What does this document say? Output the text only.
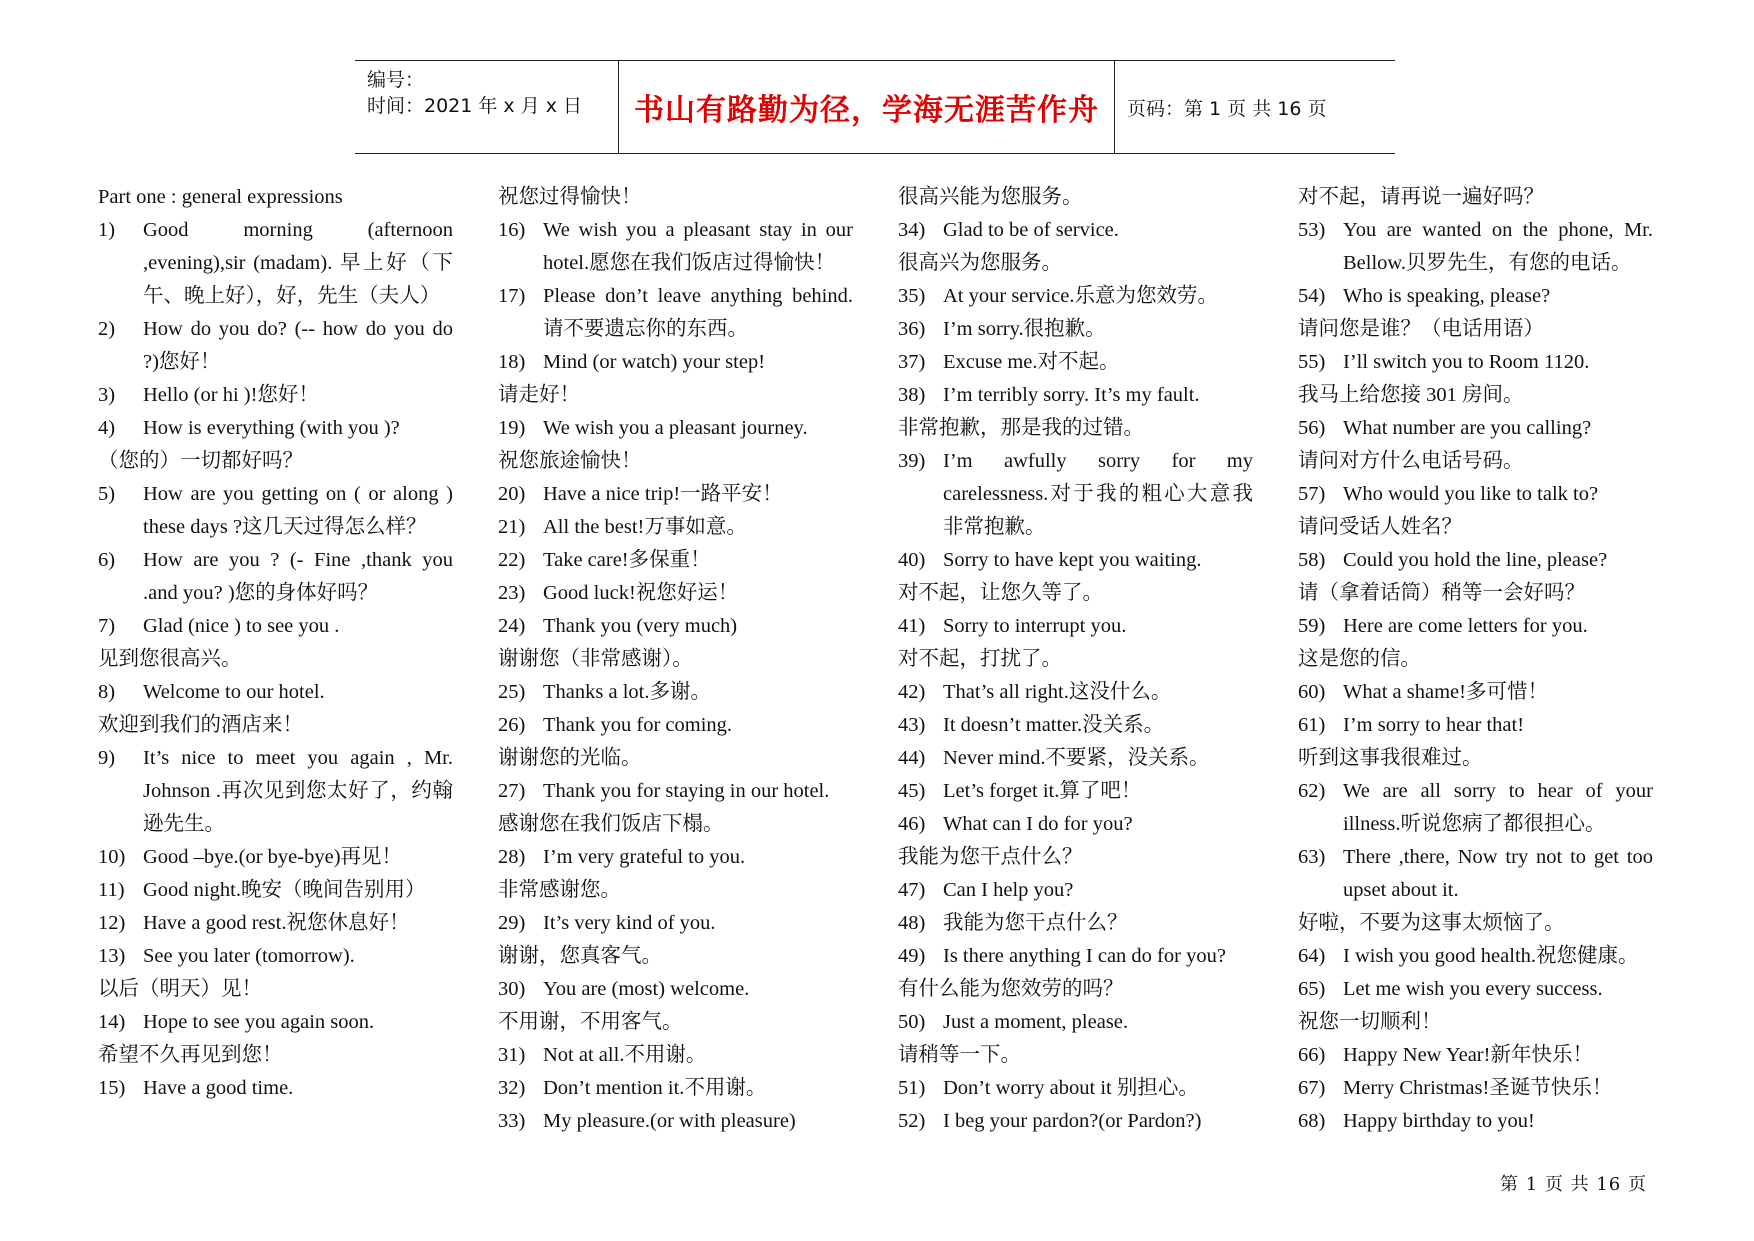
编号：
时间：2021 年 x 月 x 日 书山有路勤为径，学海无涯苦作舟 页码：第 1 页 共 16 页
Part one : general expressions
1)	Good morning (afternoon ,evening),sir (madam). 早上好（下午、晚上好），好，先生（夫人）
2)	How do you do? (-- how do you do ?)您好！
3)	Hello (or hi )!您好！
4)	How is everything (with you )?
（您的）一切都好吗？
5)	How are you getting on ( or along ) these days ?这几天过得怎么样？
6)	How are you ? (- Fine ,thank you .and you? )您的身体好吗？
7)	Glad (nice ) to see you .
见到您很高兴。
8)	Welcome to our hotel.
欢迎到我们的酒店来！
9)	It’s nice to meet you again , Mr. Johnson .再次见到您太好了，约翰逊先生。
10) Good –bye.(or bye-bye)再见！
11) Good night.晚安（晚间告别用）
12) Have a good rest.祝您休息好！
13) See you later (tomorrow).
以后（明天）见！
14) Hope to see you again soon.
希望不久再见到您！
15) Have a good time.
祝您过得愉快！
16) We wish you a pleasant stay in our hotel.愿您在我们饭店过得愉快！
17) Please don’t leave anything behind. 请不要遗忘你的东西。
18) Mind (or watch) your step!
请走好！
19) We wish you a pleasant journey.
祝您旅途愉快！
20) Have a nice trip!一路平安！
21) All the best!万事如意。
22) Take care!多保重！
23) Good luck!祝您好运！
24) Thank you (very much)
谢谢您（非常感谢）。
25) Thanks a lot.多谢。
26) Thank you for coming.
谢谢您的光临。
27) Thank you for staying in our hotel.
感谢您在我们饭店下榻。
28) I’m very grateful to you.
非常感谢您。
29) It’s very kind of you.
谢谢，您真客气。
30) You are (most) welcome.
不用谢，不用客气。
31) Not at all.不用谢。
32) Don’t mention it.不用谢。
33) My pleasure.(or with pleasure)
很高兴能为您服务。
34) Glad to be of service.
很高兴为您服务。
35) At your service.乐意为您效劳。
36) I’m sorry.很抱歉。
37) Excuse me.对不起。
38) I’m terribly sorry. It’s my fault.
非常抱歉，那是我的过错。
39) I’m awfully sorry for my carelessness.对于我的粗心大意我非常抱歉。
40) Sorry to have kept you waiting.
对不起，让您久等了。
41) Sorry to interrupt you.
对不起，打扰了。
42) That’s all right.这没什么。
43) It doesn’t matter.没关系。
44) Never mind.不要紧，没关系。
45) Let’s forget it.算了吧！
46) What can I do for you?
我能为您干点什么？
47) Can I help you?
48) 我能为您干点什么？
49) Is there anything I can do for you?
有什么能为您效劳的吗？
50) Just a moment, please.
请稍等一下。
51) Don’t worry about it 别担心。
52) I beg your pardon?(or Pardon?)
对不起，请再说一遍好吗？
53) You are wanted on the phone, Mr. Bellow.贝罗先生，有您的电话。
54) Who is speaking, please?
请问您是谁？（电话用语）
55) I’ll switch you to Room 1120.
我马上给您接 301 房间。
56) What number are you calling?
请问对方什么电话号码。
57) Who would you like to talk to?
请问受话人姓名？
58) Could you hold the line, please?
请（拿着话筒）稍等一会好吗？
59) Here are come letters for you.
这是您的信。
60) What a shame!多可惜！
61) I’m sorry to hear that!
听到这事我很难过。
62) We are all sorry to hear of your illness.听说您病了都很担心。
63) There ,there, Now try not to get too upset about it.
好啦，不要为这事太烦恼了。
64) I wish you good health.祝您健康。
65) Let me wish you every success.
祝您一切顺利！
66) Happy New Year!新年快乐！
67) Merry Christmas!圣诞节快乐！
68) Happy birthday to you!
第 1 页 共 16 页
